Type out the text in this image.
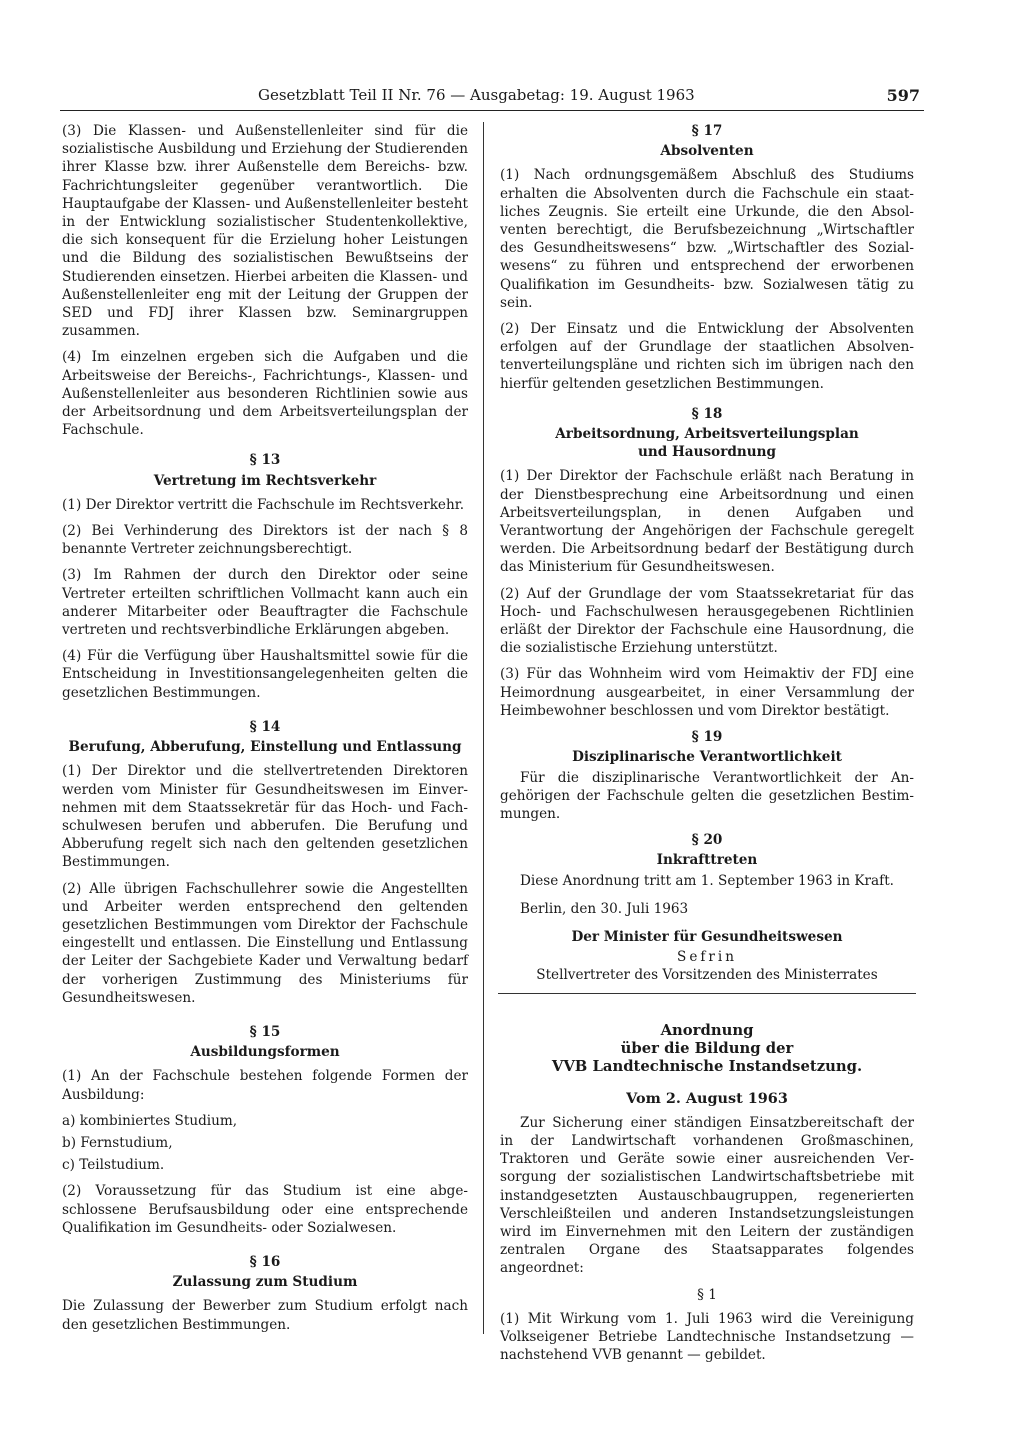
Gesetzblatt Teil II Nr. 76 — Ausgabetag: 19. August 1963	597

(3) Die Klassen- und Außenstellenleiter sind für die sozialistische Ausbildung und Erziehung der Studierenden ihrer Klasse bzw. ihrer Außenstelle dem Bereichs- bzw. Fachrichtungsleiter gegenüber verantwortlich. Die Hauptaufgabe der Klassen- und Außenstellenleiter besteht in der Entwicklung sozialistischer Studentenkollektive, die sich konsequent für die Erzielung hoher Leistungen und die Bildung des sozialistischen Bewußtseins der Studierenden einsetzen. Hierbei arbeiten die Klassen- und Außenstellenleiter eng mit der Leitung der Gruppen der SED und FDJ ihrer Klassen bzw. Seminargruppen zusammen.

(4) Im einzelnen ergeben sich die Aufgaben und die Arbeitsweise der Bereichs-, Fachrichtungs-, Klassen- und Außenstellenleiter aus besonderen Richtlinien sowie aus der Arbeitsordnung und dem Arbeitsverteilungsplan der Fachschule.

§ 13
Vertretung im Rechtsverkehr

(1) Der Direktor vertritt die Fachschule im Rechtsverkehr.

(2) Bei Verhinderung des Direktors ist der nach § 8 benannte Vertreter zeichnungsberechtigt.

(3) Im Rahmen der durch den Direktor oder seine Vertreter erteilten schriftlichen Vollmacht kann auch ein anderer Mitarbeiter oder Beauftragter die Fachschule vertreten und rechtsverbindliche Erklärungen abgeben.

(4) Für die Verfügung über Haushaltsmittel sowie für die Entscheidung in Investitionsangelegenheiten gelten die gesetzlichen Bestimmungen.

§ 14
Berufung, Abberufung, Einstellung und Entlassung

(1) Der Direktor und die stellvertretenden Direktoren werden vom Minister für Gesundheitswesen im Einvernehmen mit dem Staatssekretär für das Hoch- und Fachschulwesen berufen und abberufen. Die Berufung und Abberufung regelt sich nach den geltenden gesetzlichen Bestimmungen.

(2) Alle übrigen Fachschullehrer sowie die Angestellten und Arbeiter werden entsprechend den geltenden gesetzlichen Bestimmungen vom Direktor der Fachschule eingestellt und entlassen. Die Einstellung und Entlassung der Leiter der Sachgebiete Kader und Verwaltung bedarf der vorherigen Zustimmung des Ministeriums für Gesundheitswesen.

§ 15
Ausbildungsformen

(1) An der Fachschule bestehen folgende Formen der Ausbildung:

a) kombiniertes Studium,

b) Fernstudium,

c) Teilstudium.

(2) Voraussetzung für das Studium ist eine abgeschlossene Berufsausbildung oder eine entsprechende Qualifikation im Gesundheits- oder Sozialwesen.

§ 16
Zulassung zum Studium

Die Zulassung der Bewerber zum Studium erfolgt nach den gesetzlichen Bestimmungen.

§ 17
Absolventen

(1) Nach ordnungsgemäßem Abschluß des Studiums erhalten die Absolventen durch die Fachschule ein staatliches Zeugnis. Sie erteilt eine Urkunde, die den Absolventen berechtigt, die Berufsbezeichnung „Wirtschaftler des Gesundheitswesens“ bzw. „Wirtschaftler des Sozialwesens“ zu führen und entsprechend der erworbenen Qualifikation im Gesundheits- bzw. Sozialwesen tätig zu sein.

(2) Der Einsatz und die Entwicklung der Absolventen erfolgen auf der Grundlage der staatlichen Absolventenverteilungspläne und richten sich im übrigen nach den hierfür geltenden gesetzlichen Bestimmungen.

§ 18
Arbeitsordnung, Arbeitsverteilungsplan
und Hausordnung

(1) Der Direktor der Fachschule erläßt nach Beratung in der Dienstbesprechung eine Arbeitsordnung und einen Arbeitsverteilungsplan, in denen Aufgaben und Verantwortung der Angehörigen der Fachschule geregelt werden. Die Arbeitsordnung bedarf der Bestätigung durch das Ministerium für Gesundheitswesen.

(2) Auf der Grundlage der vom Staatssekretariat für das Hoch- und Fachschulwesen herausgegebenen Richtlinien erläßt der Direktor der Fachschule eine Hausordnung, die die sozialistische Erziehung unterstützt.

(3) Für das Wohnheim wird vom Heimaktiv der FDJ eine Heimordnung ausgearbeitet, in einer Versammlung der Heimbewohner beschlossen und vom Direktor bestätigt.

§ 19
Disziplinarische Verantwortlichkeit

Für die disziplinarische Verantwortlichkeit der Angehörigen der Fachschule gelten die gesetzlichen Bestimmungen.

§ 20
Inkrafttreten

Diese Anordnung tritt am 1. September 1963 in Kraft.

Berlin, den 30. Juli 1963

Der Minister für Gesundheitswesen

Sefrin

Stellvertreter des Vorsitzenden des Ministerrates

Anordnung

über die Bildung der

VVB Landtechnische Instandsetzung.

Vom 2. August 1963

Zur Sicherung einer ständigen Einsatzbereitschaft der in der Landwirtschaft vorhandenen Großmaschinen, Traktoren und Geräte sowie einer ausreichenden Versorgung der sozialistischen Landwirtschaftsbetriebe mit instandgesetzten Austauschbaugruppen, regenerierten Verschleißteilen und anderen Instandsetzungsleistungen wird im Einvernehmen mit den Leitern der zuständigen zentralen Organe des Staatsapparates folgendes angeordnet:

§ 1

(1) Mit Wirkung vom 1. Juli 1963 wird die Vereinigung Volkseigener Betriebe Landtechnische Instandsetzung — nachstehend VVB genannt — gebildet.
